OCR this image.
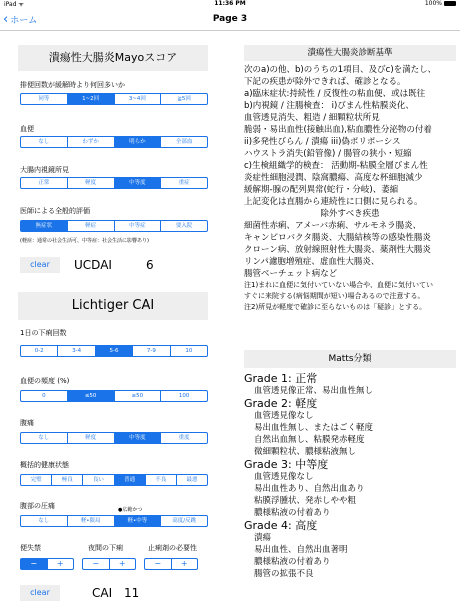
iPad ᯤ	11:36 PM	100%
‹ ホーム	Page 3
潰瘍性大腸炎Mayoスコア
排便回数が緩解時より何回多いか
同等	1~2回	3~4回	≧5回
血便
なし	わずか	明らか	全部血
大腸内視鏡所見
正常	軽度	中等度	重症
医師による全般的評価
無症状	軽症	中等症	要入院
(軽症：通常の社会生活可、中等症：社会生活に影響あり)
clear	UCDAI	6
Lichtiger CAI
1日の下痢回数
0-2	3-4	5-6	7-9	10
血便の頻度 (%)
0	≤50	≥50	100
腹痛
なし	軽度	中等度	重度
概括的健康状態
完璧	極良	良い	普通	不良	最悪
腹部の圧痛	●広範かつ
なし	軽•限局	軽•中等	高度/反跳
便失禁	夜間の下痢	止痢剤の必要性
−	+	−	+	−	+
clear	CAI 11
潰瘍性大腸炎診断基準

次のa)の他、b)のうちの1項目、及びc)を満たし、

下記の疾患が除外できれば、確診となる。

a)臨床症状:持続性 / 反復性の粘血便、或は既往

b)内視鏡 / 注腸検査： i)びまん性粘膜炎化、

血管透見消失、粗造 / 細顆粒状所見

脆弱・易出血性(接触出血),粘血膿性分泌物の付着

ii)多発性びらん / 潰瘍 iii)偽ポリポーシス

ハウストラ消失(鉛管像) / 腸管の狭小・短縮

c)生検組織学的検査： 活動期-粘膜全層びまん性

炎症性細胞浸潤、陰窩膿瘍、高度な杯細胞減少

緩解期-腺の配列異常(蛇行・分岐)、萎縮

上記変化は直腸から連続性に口側に見られる。

除外すべき疾患

細菌性赤痢、アメーバ赤痢、サルモネラ腸炎、

キャンピロバクタ腸炎、大腸結核等の感染性腸炎

クローン病、放射線照射性大腸炎、薬剤性大腸炎

リンパ濾胞増殖症、虚血性大腸炎、

腸管ベーチェット病など

注1)まれに血便に気付いていない場合や、血便に気付いてい

すぐに来院する(病悩期間が短い)場合あるので注意する。

注2)所見が軽度で確診に至らないものは「疑診」とする。

Matts分類
Grade 1: 正常
血管透見像正常、易出血性無し
Grade 2: 軽度
血管透見像なし
易出血性無し、またはごく軽度
自然出血無し、粘膜発赤軽度
微細顆粒状、膿様粘液無し
Grade 3: 中等度
血管透見像なし
易出血性あり、自然出血あり
粘膜浮腫状、発赤しやや粗
膿様粘液の付着あり
Grade 4: 高度
潰瘍
易出血性、自然出血著明
膿様粘液の付着あり
腸管の拡張不良
